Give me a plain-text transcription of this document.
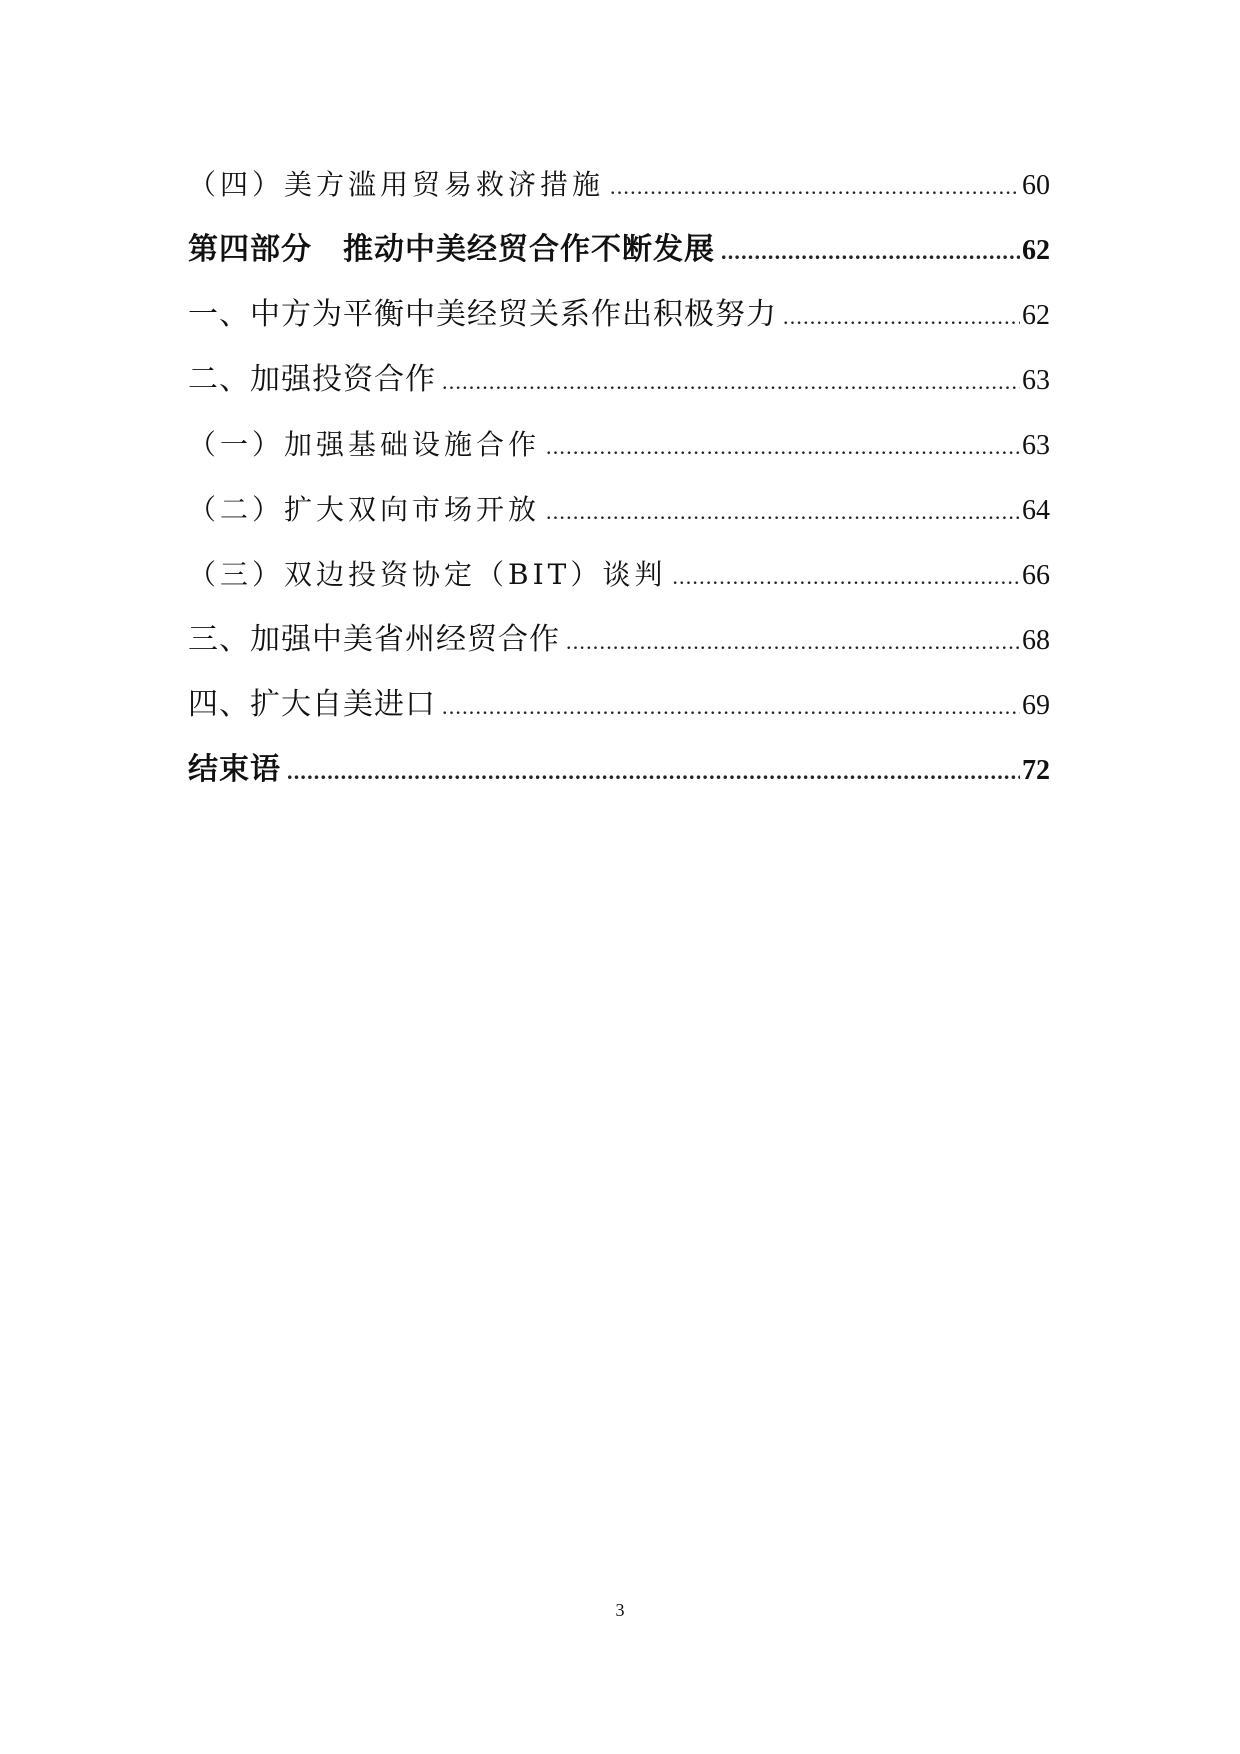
（四）美方滥用贸易救济措施 .....	60
第四部分　推动中美经贸合作不断发展 .....	62
一、中方为平衡中美经贸关系作出积极努力 .....	62
二、加强投资合作 .....	63
（一）加强基础设施合作 .....	63
（二）扩大双向市场开放 .....	64
（三）双边投资协定（BIT）谈判 .....	66
三、加强中美省州经贸合作 .....	68
四、扩大自美进口 .....	69
结束语 .....	72
3
